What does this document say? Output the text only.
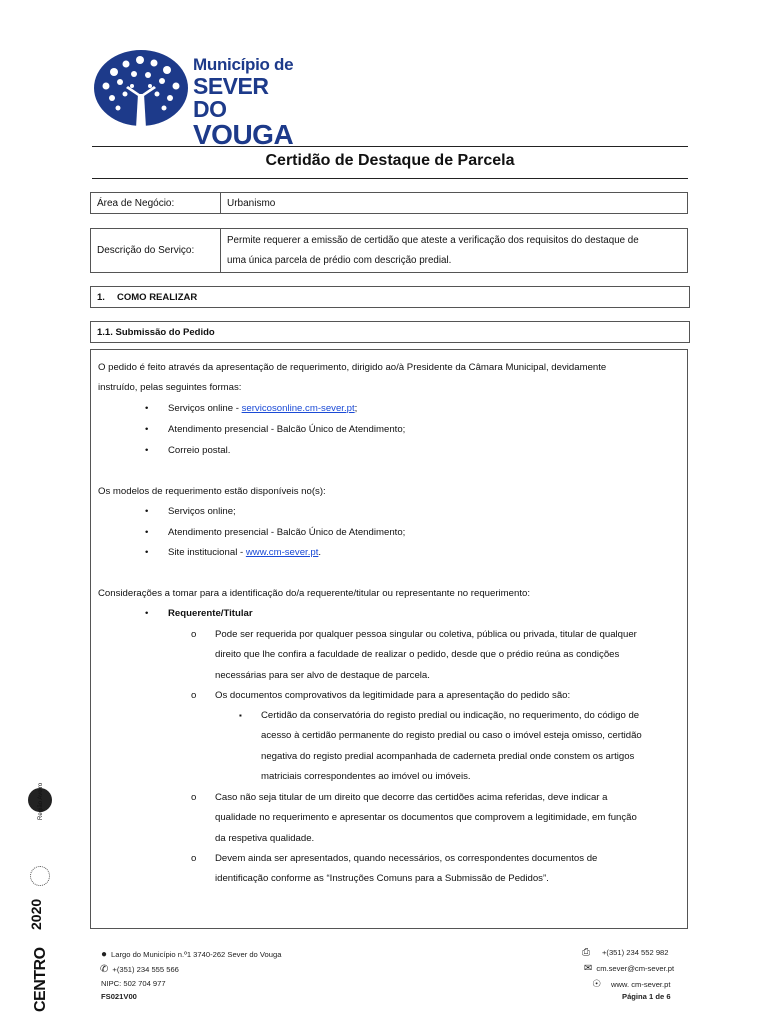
Município de
SEVER DO
VOUGA
Certidão de Destaque de Parcela
Área de Negócio:	Urbanismo
Descrição do Serviço:	
Permite requerer a emissão de certidão que ateste a verificação dos requisitos do destaque de
uma única parcela de prédio com descrição predial.
1.	COMO REALIZAR
1.1. Submissão do Pedido
O pedido é feito através da apresentação de requerimento, dirigido ao/à Presidente da Câmara Municipal, devidamente
instruído, pelas seguintes formas:
• Serviços online - servicosonline.cm-sever.pt;
• Atendimento presencial - Balcão Único de Atendimento;
• Correio postal.
Os modelos de requerimento estão disponíveis no(s):
• Serviços online;
• Atendimento presencial - Balcão Único de Atendimento;
• Site institucional - www.cm-sever.pt.
Considerações a tomar para a identificação do/a requerente/titular ou representante no requerimento:
• Requerente/Titular
o Pode ser requerida por qualquer pessoa singular ou coletiva, pública ou privada, titular de qualquer
direito que lhe confira a faculdade de realizar o pedido, desde que o prédio reúna as condições
necessárias para ser alvo de destaque de parcela.
o Os documentos comprovativos da legitimidade para a apresentação do pedido são:
▪ Certidão da conservatória do registo predial ou indicação, no requerimento, do código de
acesso à certidão permanente do registo predial ou caso o imóvel esteja omisso, certidão
negativa do registo predial acompanhada de caderneta predial onde constem os artigos
matriciais correspondentes ao imóvel ou imóveis.
o Caso não seja titular de um direito que decorre das certidões acima referidas, deve indicar a
qualidade no requerimento e apresentar os documentos que comprovem a legitimidade, em função
da respetiva qualidade.
o Devem ainda ser apresentados, quando necessários, os correspondentes documentos de
identificação conforme as “Instruções Comuns para a Submissão de Pedidos”.
Região Aveiro
2020
CENTRO	● Largo do Município n.º1 3740-262 Sever do Vouga
✆ +(351) 234 555 566
NIPC: 502 704 977
FS021V00
⎙ +(351) 234 552 982
✉ cm.sever@cm-sever.pt
☉ www. cm-sever.pt
Página 1 de 6
